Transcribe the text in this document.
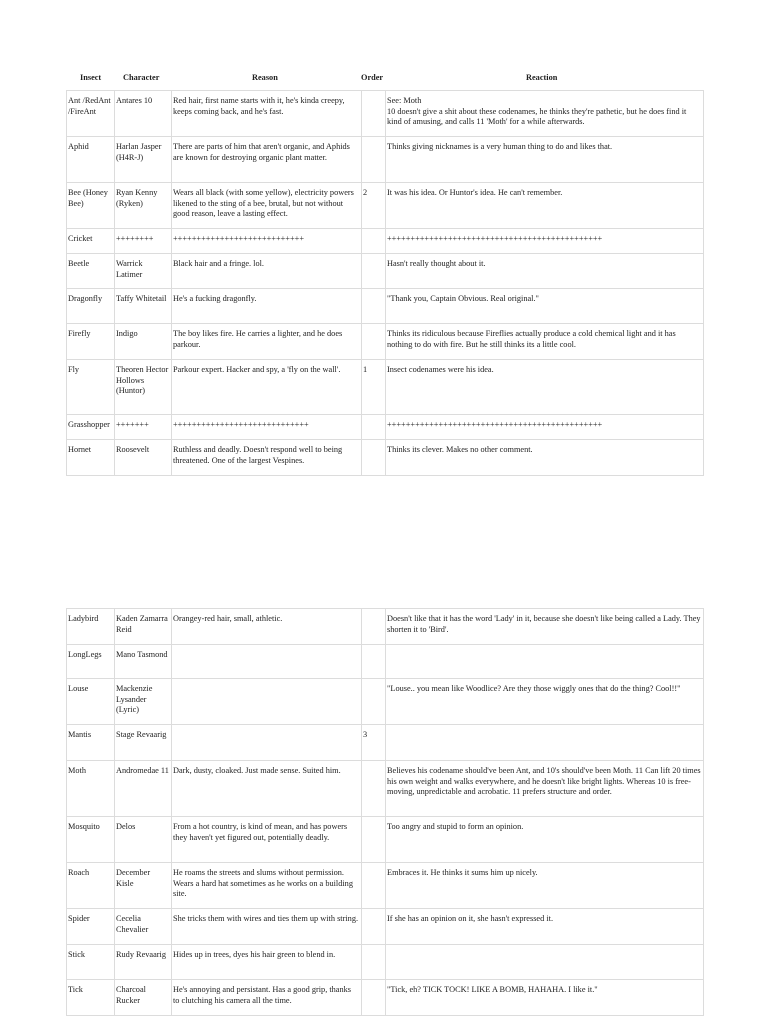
Insect	Character	Reason	Order	Reaction
Ant /RedAnt /FireAnt	Antares 10	Red hair, first name starts with it, he's kinda creepy, keeps coming back, and he's fast.		See: Moth
10 doesn't give a shit about these codenames, he thinks they're pathetic, but he does find it kind of amusing, and calls 11 'Moth' for a while afterwards.
Aphid	Harlan Jasper (H4R-J)	There are parts of him that aren't organic, and Aphids are known for destroying organic plant matter.		Thinks giving nicknames is a very human thing to do and likes that.
Bee (Honey Bee)	Ryan Kenny (Ryken)	Wears all black (with some yellow), electricity powers likened to the sting of a bee, brutal, but not without good reason, leave a lasting effect.	2	It was his idea. Or Huntor's idea. He can't remember.
Cricket	++++++++	++++++++++++++++++++++++++++		++++++++++++++++++++++++++++++++++++++++++++++
Beetle	Warrick Latimer	Black hair and a fringe. lol.		Hasn't really thought about it.
Dragonfly	Taffy Whitetail	He's a fucking dragonfly.		"Thank you, Captain Obvious. Real original."
Firefly	Indigo	The boy likes fire. He carries a lighter, and he does parkour.		Thinks its ridiculous because Fireflies actually produce a cold chemical light and it has nothing to do with fire. But he still thinks its a little cool.
Fly	Theoren Hector Hollows (Huntor)	Parkour expert. Hacker and spy, a 'fly on the wall'.	1	Insect codenames were his idea.
Grasshopper	+++++++	+++++++++++++++++++++++++++++		++++++++++++++++++++++++++++++++++++++++++++++
Hornet	Roosevelt	Ruthless and deadly. Doesn't respond well to being threatened. One of the largest Vespines.		Thinks its clever. Makes no other comment.
Ladybird	Kaden Zamarra Reid	Orangey-red hair, small, athletic.		Doesn't like that it has the word 'Lady' in it, because she doesn't like being called a Lady. They shorten it to 'Bird'.
LongLegs	Mano Tasmond			
Louse	Mackenzie Lysander (Lyric)			"Louse.. you mean like Woodlice? Are they those wiggly ones that do the thing? Cool!!"
Mantis	Stage Revaarig		3	
Moth	Andromedae 11	Dark, dusty, cloaked. Just made sense. Suited him.		Believes his codename should've been Ant, and 10's should've been Moth. 11 Can lift 20 times his own weight and walks everywhere, and he doesn't like bright lights. Whereas 10 is free-moving, unpredictable and acrobatic. 11 prefers structure and order.
Mosquito	Delos	From a hot country, is kind of mean, and has powers they haven't yet figured out, potentially deadly.		Too angry and stupid to form an opinion.
Roach	December Kisle	He roams the streets and slums without permission. Wears a hard hat sometimes as he works on a building site.		Embraces it. He thinks it sums him up nicely.
Spider	Cecelia Chevalier	She tricks them with wires and ties them up with string.		If she has an opinion on it, she hasn't expressed it.
Stick	Rudy Revaarig	Hides up in trees, dyes his hair green to blend in.		
Tick	Charcoal Rucker	He's annoying and persistant. Has a good grip, thanks to clutching his camera all the time.		"Tick, eh? TICK TOCK! LIKE A BOMB, HAHAHA. I like it."
